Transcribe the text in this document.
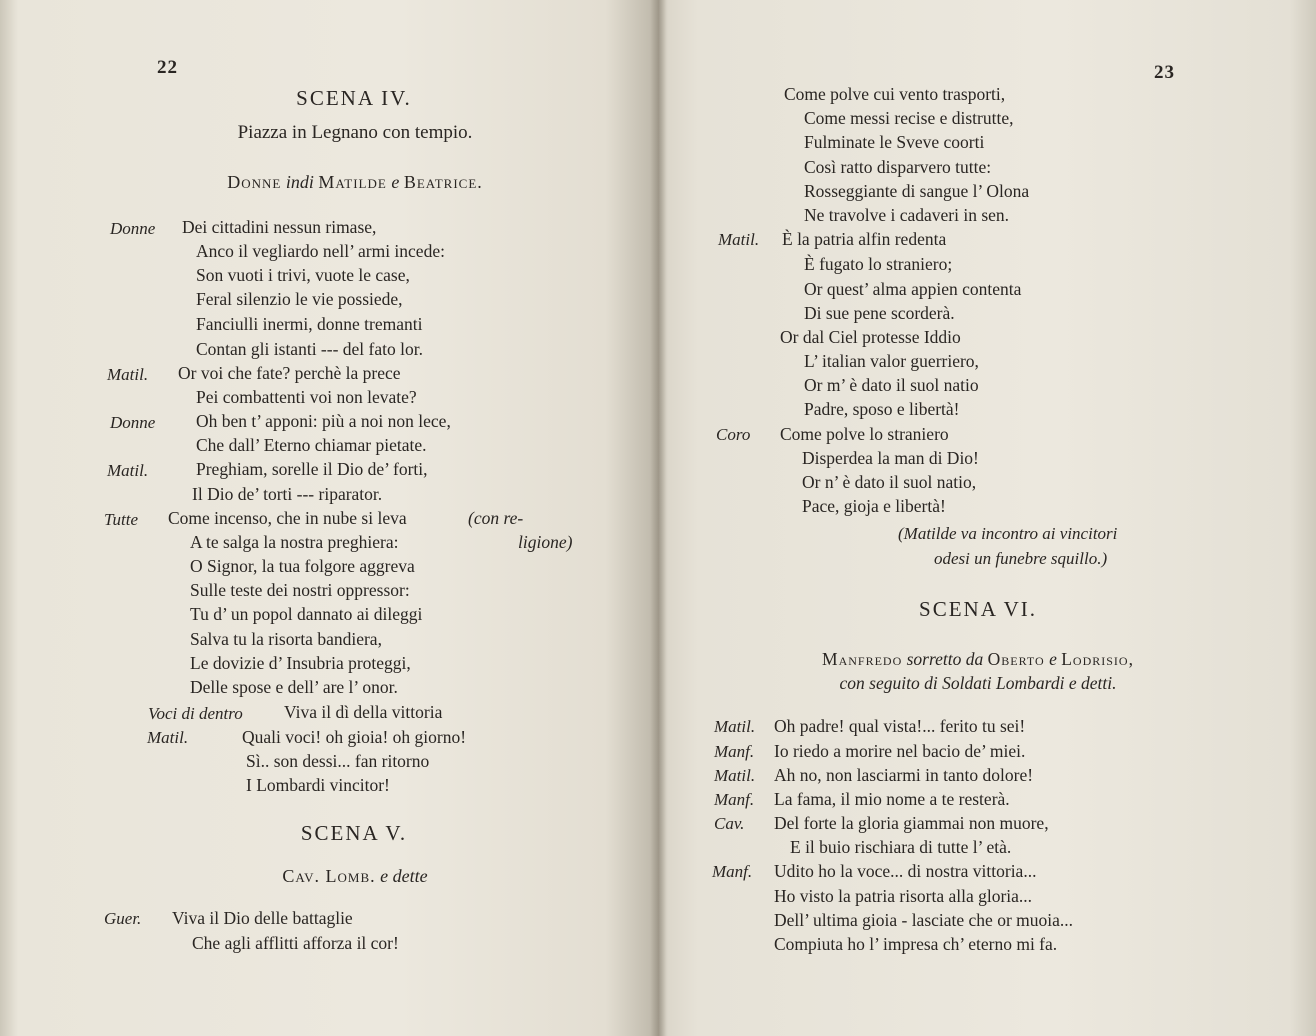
22
SCENA IV.
Piazza in Legnano con tempio.
Donne indi Matilde e Beatrice.
Donne
Matil.
Donne
Matil.
Tutte
Voci di dentro
Matil.
Guer.
Dei cittadini nessun rimase,
Anco il vegliardo nell’ armi incede:
Son vuoti i trivi, vuote le case,
Feral silenzio le vie possiede,
Fanciulli inermi, donne tremanti
Contan gli istanti --- del fato lor.
Or voi che fate? perchè la prece
Pei combattenti voi non levate?
Oh ben t’ apponi: più a noi non lece,
Che dall’ Eterno chiamar pietate.
Preghiam, sorelle il Dio de’ forti,
Il Dio de’ torti --- riparator.
Come incenso, che in nube si leva	(con re-
A te salga la nostra preghiera:	ligione)
O Signor, la tua folgore aggreva
Sulle teste dei nostri oppressor:
Tu d’ un popol dannato ai dileggi
Salva tu la risorta bandiera,
Le dovizie d’ Insubria proteggi,
Delle spose e dell’ are l’ onor.
Viva il dì della vittoria
Quali voci! oh gioia! oh giorno!
Sì.. son dessi... fan ritorno
I Lombardi vincitor!
SCENA V.
Cav. Lomb. e dette
Viva il Dio delle battaglie
Che agli afflitti afforza il cor!
23
Come polve cui vento trasporti,
Come messi recise e distrutte,
Fulminate le Sveve coorti
Così ratto disparvero tutte:
Rosseggiante di sangue l’ Olona
Ne travolve i cadaveri in sen.
Matil. È la patria alfin redenta
È fugato lo straniero;
Or quest’ alma appien contenta
Di sue pene scorderà.
Or dal Ciel protesse Iddio
L’ italian valor guerriero,
Or m’ è dato il suol natio
Padre, sposo e libertà!
Coro Come polve lo straniero
Disperdea la man di Dio!
Or n’ è dato il suol natio,
Pace, gioja e libertà!
(Matilde va incontro ai vincitori
odesi un funebre squillo.)
SCENA VI.
Manfredo sorretto da Oberto e Lodrisio,
con seguito di Soldati Lombardi e detti.
Matil. Oh padre! qual vista!... ferito tu sei!
Manf. Io riedo a morire nel bacio de’ miei.
Matil. Ah no, non lasciarmi in tanto dolore!
Manf. La fama, il mio nome a te resterà.
Cav. Del forte la gloria giammai non muore,
E il buio rischiara di tutte l’ età.
Manf. Udito ho la voce... di nostra vittoria...
Ho visto la patria risorta alla gloria...
Dell’ ultima gioia - lasciate che or muoia...
Compiuta ho l’ impresa ch’ eterno mi fa.
